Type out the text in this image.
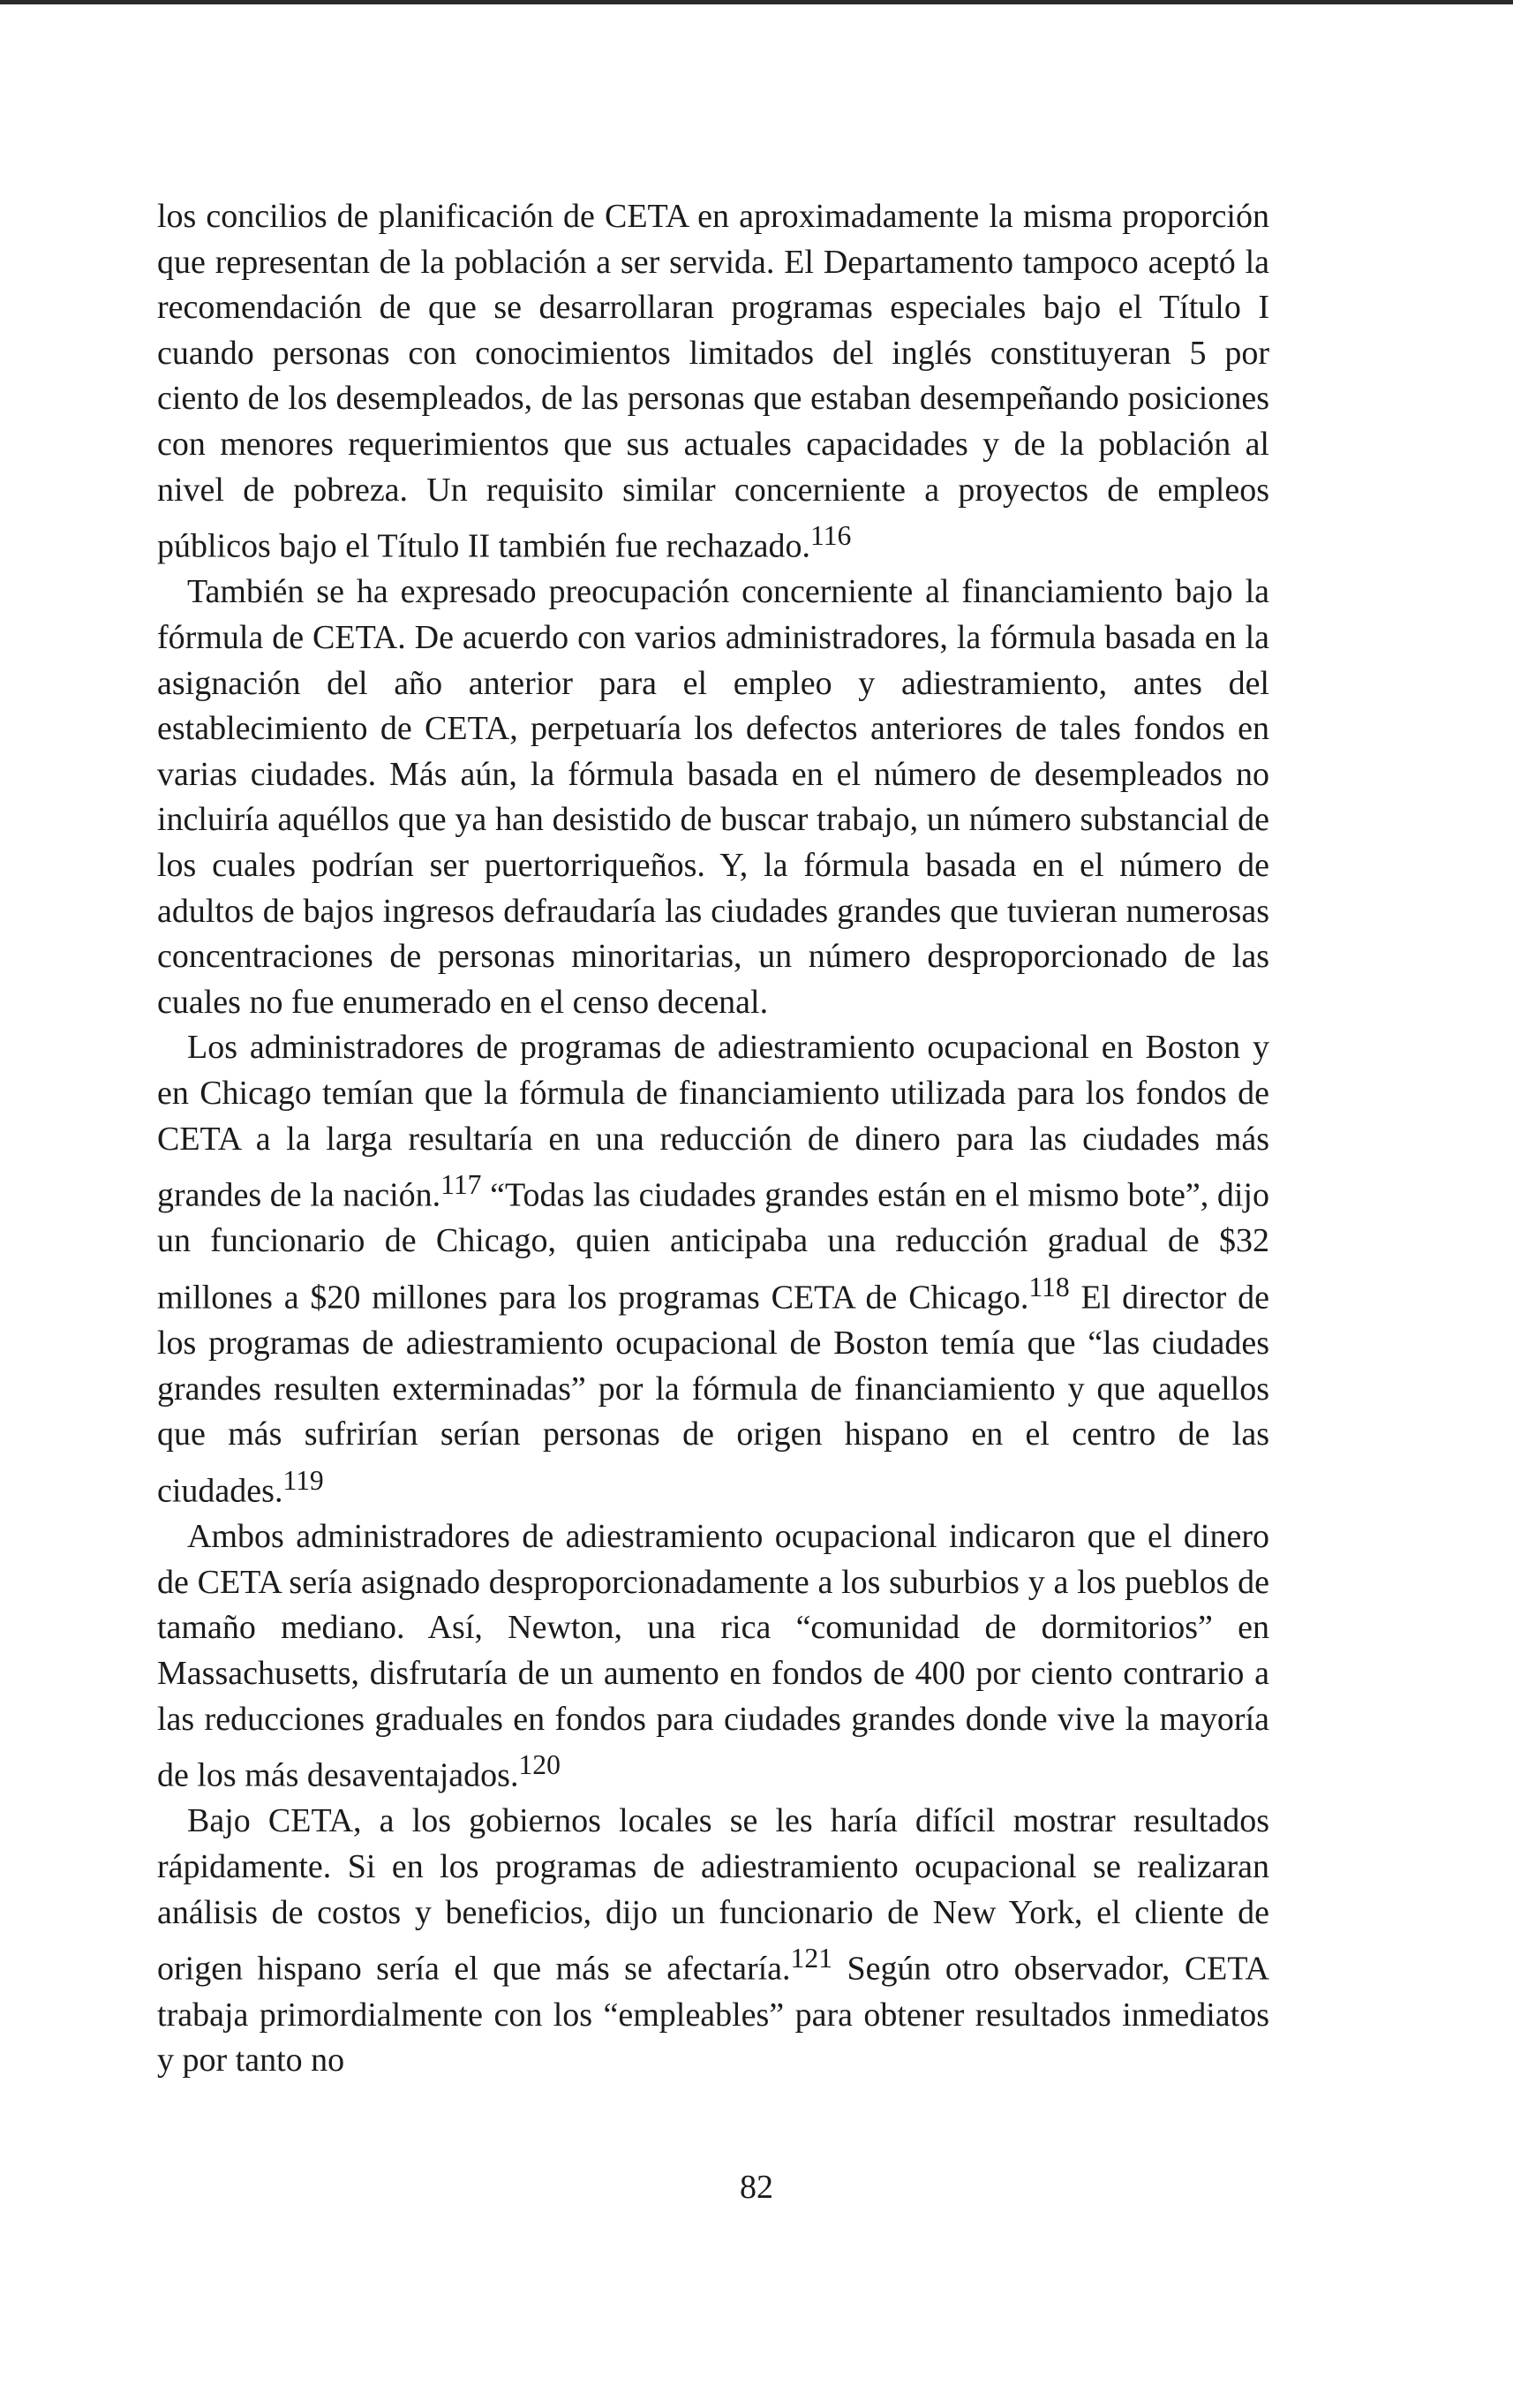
los concilios de planificación de CETA en aproximadamente la misma proporción que representan de la población a ser servida. El Departamento tampoco aceptó la recomendación de que se desarrollaran programas especiales bajo el Título I cuando personas con conocimientos limitados del inglés constituyeran 5 por ciento de los desempleados, de las personas que estaban desempeñando posiciones con menores requerimientos que sus actuales capacidades y de la población al nivel de pobreza. Un requisito similar concerniente a proyectos de empleos públicos bajo el Título II también fue rechazado.$^{116}$

También se ha expresado preocupación concerniente al financiamiento bajo la fórmula de CETA. De acuerdo con varios administradores, la fórmula basada en la asignación del año anterior para el empleo y adiestramiento, antes del establecimiento de CETA, perpetuaría los defectos anteriores de tales fondos en varias ciudades. Más aún, la fórmula basada en el número de desempleados no incluiría aquéllos que ya han desistido de buscar trabajo, un número substancial de los cuales podrían ser puertorriqueños. Y, la fórmula basada en el número de adultos de bajos ingresos defraudaría las ciudades grandes que tuvieran numerosas concentraciones de personas minoritarias, un número desproporcionado de las cuales no fue enumerado en el censo decenal.

Los administradores de programas de adiestramiento ocupacional en Boston y en Chicago temían que la fórmula de financiamiento utilizada para los fondos de CETA a la larga resultaría en una reducción de dinero para las ciudades más grandes de la nación.$^{117}$ “Todas las ciudades grandes están en el mismo bote”, dijo un funcionario de Chicago, quien anticipaba una reducción gradual de $32 millones a $20 millones para los programas CETA de Chicago.$^{118}$ El director de los programas de adiestramiento ocupacional de Boston temía que “las ciudades grandes resulten exterminadas” por la fórmula de financiamiento y que aquellos que más sufrirían serían personas de origen hispano en el centro de las ciudades.$^{119}$

Ambos administradores de adiestramiento ocupacional indicaron que el dinero de CETA sería asignado desproporcionadamente a los suburbios y a los pueblos de tamaño mediano. Así, Newton, una rica “comunidad de dormitorios” en Massachusetts, disfrutaría de un aumento en fondos de 400 por ciento contrario a las reducciones graduales en fondos para ciudades grandes donde vive la mayoría de los más desaventajados.$^{120}$

Bajo CETA, a los gobiernos locales se les haría difícil mostrar resultados rápidamente. Si en los programas de adiestramiento ocupacional se realizaran análisis de costos y beneficios, dijo un funcionario de New York, el cliente de origen hispano sería el que más se afectaría.$^{121}$ Según otro observador, CETA trabaja primordialmente con los “empleables” para obtener resultados inmediatos y por tanto no

82
